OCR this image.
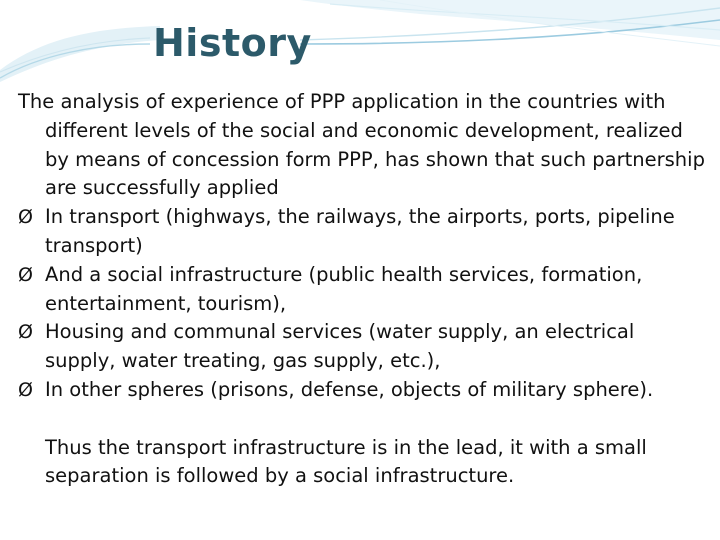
History

The analysis of experience of PPP application in the countries with different levels of the social and economic development, realized by means of concession form PPP, has shown that such partnership are successfully applied

Ø In transport (highways, the railways, the airports, ports, pipeline transport)
Ø And a social infrastructure (public health services, formation, entertainment, tourism),
Ø Housing and communal services (water supply, an electrical supply, water treating, gas supply, etc.),
Ø In other spheres (prisons, defense, objects of military sphere).

Thus the transport infrastructure is in the lead, it with a small separation is followed by a social infrastructure.
